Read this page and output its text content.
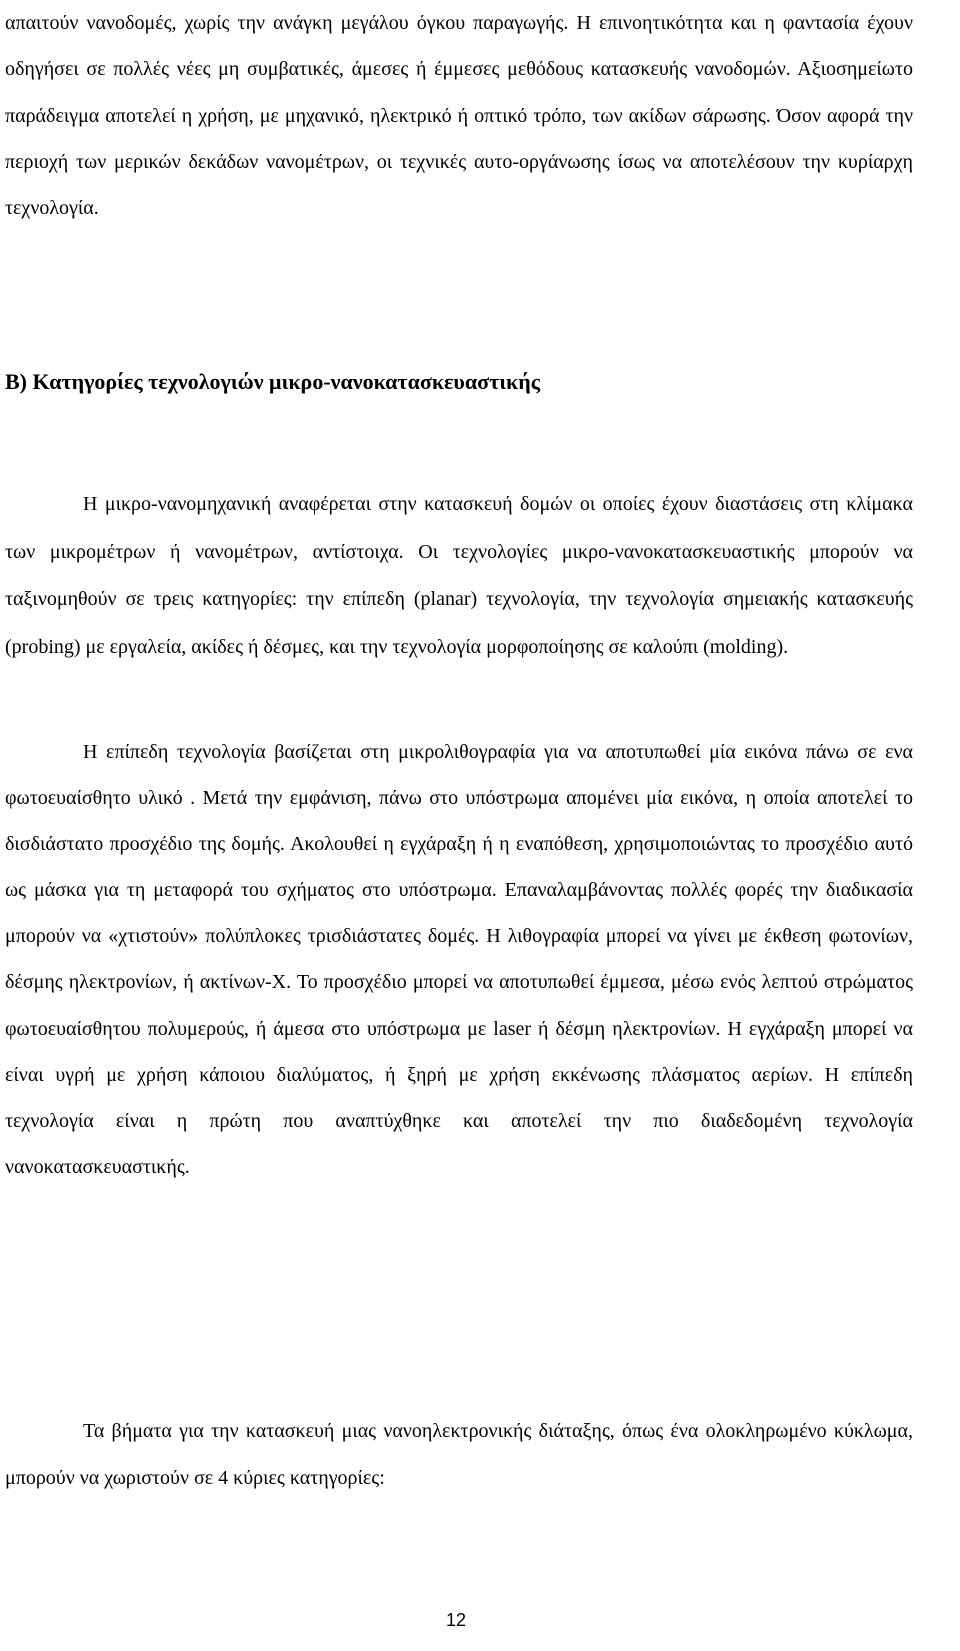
απαιτούν νανοδομές, χωρίς την ανάγκη μεγάλου όγκου παραγωγής. Η επινοητικότητα και η φαντασία έχουν οδηγήσει σε πολλές νέες μη συμβατικές, άμεσες ή έμμεσες μεθόδους κατασκευής νανοδομών. Αξιοσημείωτο παράδειγμα αποτελεί η χρήση, με μηχανικό, ηλεκτρικό ή οπτικό τρόπο, των ακίδων σάρωσης. Όσον αφορά την περιοχή των μερικών δεκάδων νανομέτρων, οι τεχνικές αυτο-οργάνωσης ίσως να αποτελέσουν την κυρίαρχη τεχνολογία.

Β) Κατηγορίες τεχνολογιών μικρο-νανοκατασκευαστικής

Η μικρο-νανομηχανική αναφέρεται στην κατασκευή δομών οι οποίες έχουν διαστάσεις στη κλίμακα των μικρομέτρων ή νανομέτρων, αντίστοιχα. Οι τεχνολογίες μικρο-νανοκατασκευαστικής μπορούν να ταξινομηθούν σε τρεις κατηγορίες: την επίπεδη (planar) τεχνολογία, την τεχνολογία σημειακής κατασκευής (probing) με εργαλεία, ακίδες ή δέσμες, και την τεχνολογία μορφοποίησης σε καλούπι (molding).

Η επίπεδη τεχνολογία βασίζεται στη μικρολιθογραφία για να αποτυπωθεί μία εικόνα πάνω σε ενα φωτοευαίσθητο υλικό . Μετά την εμφάνιση, πάνω στο υπόστρωμα απομένει μία εικόνα, η οποία αποτελεί το δισδιάστατο προσχέδιο της δομής. Ακολουθεί η εγχάραξη ή η εναπόθεση, χρησιμοποιώντας το προσχέδιο αυτό ως μάσκα για τη μεταφορά του σχήματος στο υπόστρωμα. Επαναλαμβάνοντας πολλές φορές την διαδικασία μπορούν να «χτιστούν» πολύπλοκες τρισδιάστατες δομές. Η λιθογραφία μπορεί να γίνει με έκθεση φωτονίων, δέσμης ηλεκτρονίων, ή ακτίνων-Χ. Το προσχέδιο μπορεί να αποτυπωθεί έμμεσα, μέσω ενός λεπτού στρώματος φωτοευαίσθητου πολυμερούς, ή άμεσα στο υπόστρωμα με laser ή δέσμη ηλεκτρονίων. Η εγχάραξη μπορεί να είναι υγρή με χρήση κάποιου διαλύματος, ή ξηρή με χρήση εκκένωσης πλάσματος αερίων. Η επίπεδη τεχνολογία είναι η πρώτη που αναπτύχθηκε και αποτελεί την πιο διαδεδομένη τεχνολογία νανοκατασκευαστικής.

Τα βήματα για την κατασκευή μιας νανοηλεκτρονικής διάταξης, όπως ένα ολοκληρωμένο κύκλωμα, μπορούν να χωριστούν σε 4 κύριες κατηγορίες:

12
